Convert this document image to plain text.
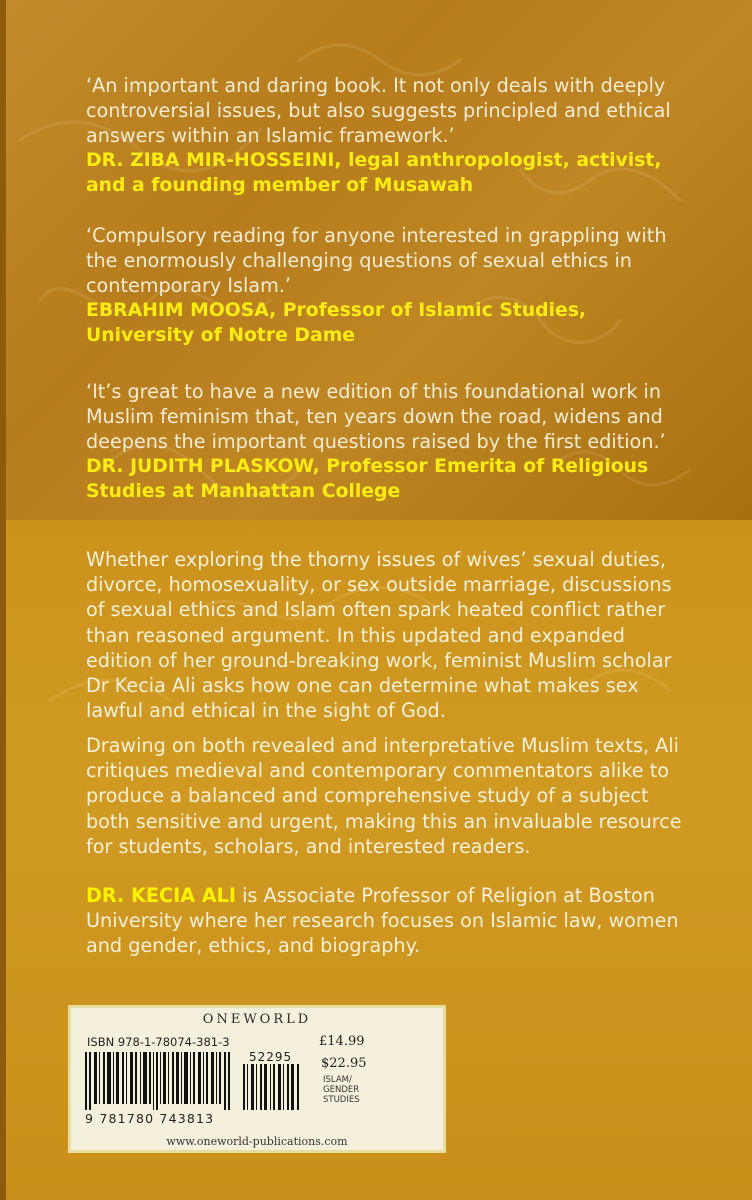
‘An important and daring book. It not only deals with deeply controversial issues, but also suggests principled and ethical answers within an Islamic framework.’

DR. ZIBA MIR-HOSSEINI, legal anthropologist, activist, and a founding member of Musawah

‘Compulsory reading for anyone interested in grappling with the enormously challenging questions of sexual ethics in contemporary Islam.’

EBRAHIM MOOSA, Professor of Islamic Studies, University of Notre Dame

‘It’s great to have a new edition of this foundational work in Muslim feminism that, ten years down the road, widens and deepens the important questions raised by the first edition.’

DR. JUDITH PLASKOW, Professor Emerita of Religious Studies at Manhattan College

Whether exploring the thorny issues of wives’ sexual duties, divorce, homosexuality, or sex outside marriage, discussions of sexual ethics and Islam often spark heated conflict rather than reasoned argument. In this updated and expanded edition of her ground-breaking work, feminist Muslim scholar Dr Kecia Ali asks how one can determine what makes sex lawful and ethical in the sight of God.

Drawing on both revealed and interpretative Muslim texts, Ali critiques medieval and contemporary commentators alike to produce a balanced and comprehensive study of a subject both sensitive and urgent, making this an invaluable resource for students, scholars, and interested readers.

DR. KECIA ALI is Associate Professor of Religion at Boston University where her research focuses on Islamic law, women and gender, ethics, and biography.

ONEWORLD
ISBN 978-1-78074-381-3
52295
9 781780 743813
£14.99
$22.95
ISLAM/ GENDER STUDIES
www.oneworld-publications.com
